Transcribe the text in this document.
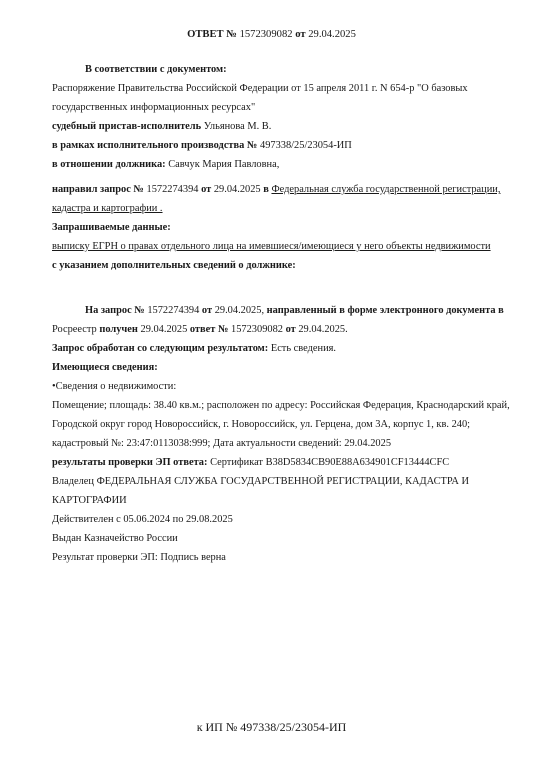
ОТВЕТ № 1572309082 от 29.04.2025
В соответствии с документом:
Распоряжение Правительства Российской Федерации от 15 апреля 2011 г. N 654-р "О базовых
государственных информационных ресурсах"
судебный пристав-исполнитель Ульянова М. В.
в рамках исполнительного производства № 497338/25/23054-ИП
в отношении должника: Савчук Мария Павловна,
направил запрос № 1572274394 от 29.04.2025 в Федеральная служба государственной регистрации,
кадастра и картографии .
Запрашиваемые данные:
выписку ЕГРН о правах отдельного лица на имевшиеся/имеющиеся у него объекты недвижимости
с указанием дополнительных сведений о должнике:
На запрос № 1572274394 от 29.04.2025, направленный в форме электронного документа в
Росреестр получен 29.04.2025 ответ № 1572309082 от 29.04.2025.
Запрос обработан со следующим результатом: Есть сведения.
Имеющиеся сведения:
•Сведения о недвижимости:
Помещение; площадь: 38.40 кв.м.; расположен по адресу: Российская Федерация, Краснодарский край,
Городской округ город Новороссийск, г. Новороссийск, ул. Герцена, дом 3А, корпус 1, кв. 240;
кадастровый №: 23:47:0113038:999; Дата актуальности сведений: 29.04.2025
результаты проверки ЭП ответа: Сертификат B38D5834CB90E88A634901CF13444CFC
Владелец ФЕДЕРАЛЬНАЯ СЛУЖБА ГОСУДАРСТВЕННОЙ РЕГИСТРАЦИИ, КАДАСТРА И
КАРТОГРАФИИ
Действителен с 05.06.2024 по 29.08.2025
Выдан Казначейство России
Результат проверки ЭП: Подпись верна
к ИП № 497338/25/23054-ИП
